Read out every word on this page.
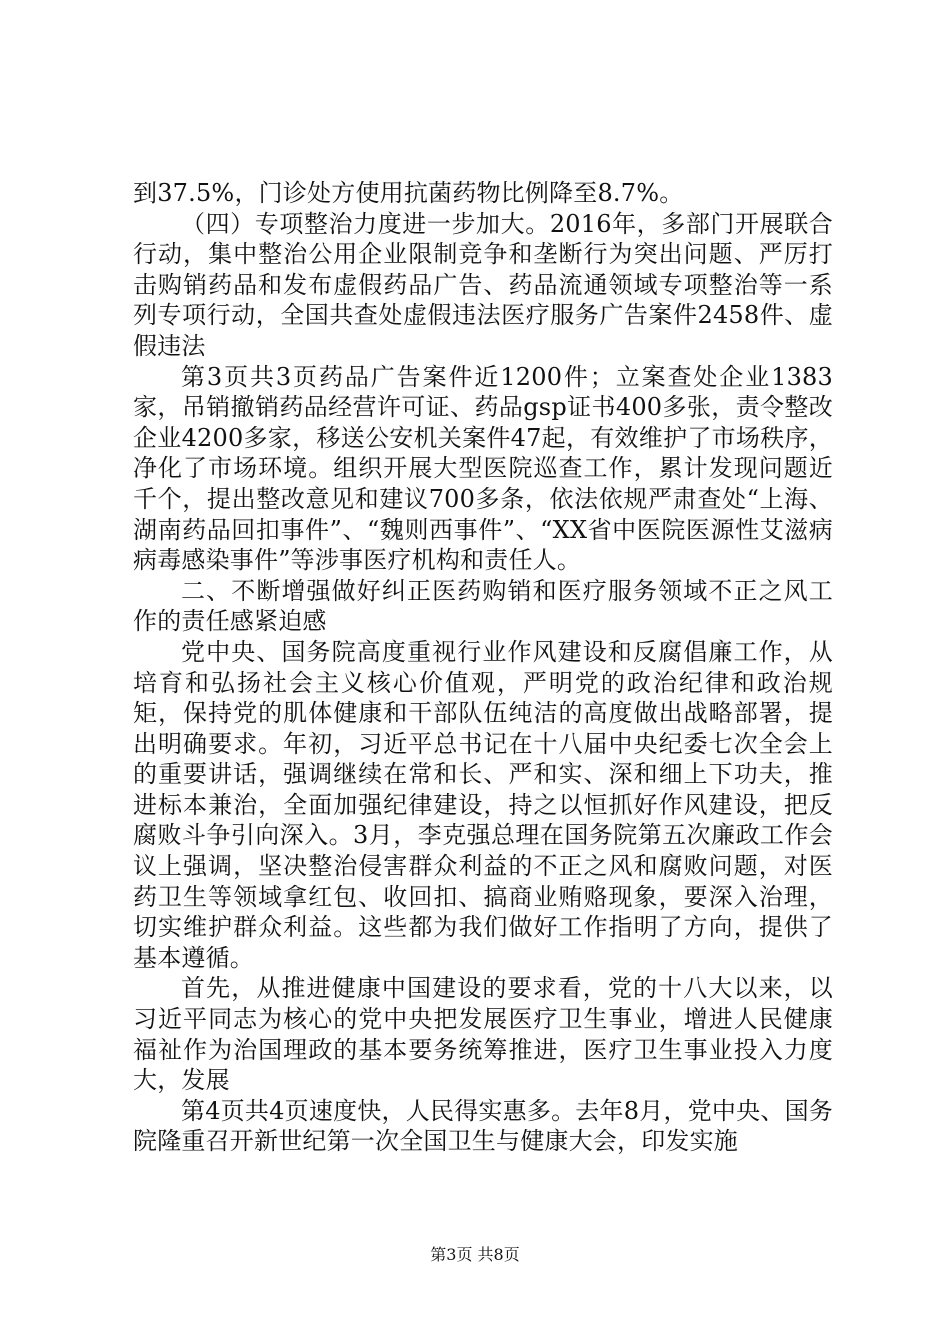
到37.5%，门诊处方使用抗菌药物比例降至8.7%。

（四）专项整治力度进一步加大。2016年，多部门开展联合行动，集中整治公用企业限制竞争和垄断行为突出问题、严厉打击购销药品和发布虚假药品广告、药品流通领域专项整治等一系列专项行动，全国共查处虚假违法医疗服务广告案件2458件、虚假违法

第3页共3页药品广告案件近1200件；立案查处企业1383家，吊销撤销药品经营许可证、药品gsp证书400多张，责令整改企业4200多家，移送公安机关案件47起，有效维护了市场秩序，净化了市场环境。组织开展大型医院巡查工作，累计发现问题近千个，提出整改意见和建议700多条，依法依规严肃查处“上海、湖南药品回扣事件”、“魏则西事件”、“XX省中医院医源性艾滋病病毒感染事件”等涉事医疗机构和责任人。

二、不断增强做好纠正医药购销和医疗服务领域不正之风工作的责任感紧迫感

党中央、国务院高度重视行业作风建设和反腐倡廉工作，从培育和弘扬社会主义核心价值观，严明党的政治纪律和政治规矩，保持党的肌体健康和干部队伍纯洁的高度做出战略部署，提出明确要求。年初，习近平总书记在十八届中央纪委七次全会上的重要讲话，强调继续在常和长、严和实、深和细上下功夫，推进标本兼治，全面加强纪律建设，持之以恒抓好作风建设，把反腐败斗争引向深入。3月，李克强总理在国务院第五次廉政工作会议上强调，坚决整治侵害群众利益的不正之风和腐败问题，对医药卫生等领域拿红包、收回扣、搞商业贿赂现象，要深入治理，切实维护群众利益。这些都为我们做好工作指明了方向，提供了基本遵循。

首先，从推进健康中国建设的要求看，党的十八大以来，以习近平同志为核心的党中央把发展医疗卫生事业，增进人民健康福祉作为治国理政的基本要务统筹推进，医疗卫生事业投入力度大，发展

第4页共4页速度快，人民得实惠多。去年8月，党中央、国务院隆重召开新世纪第一次全国卫生与健康大会，印发实施

第3页 共8页
